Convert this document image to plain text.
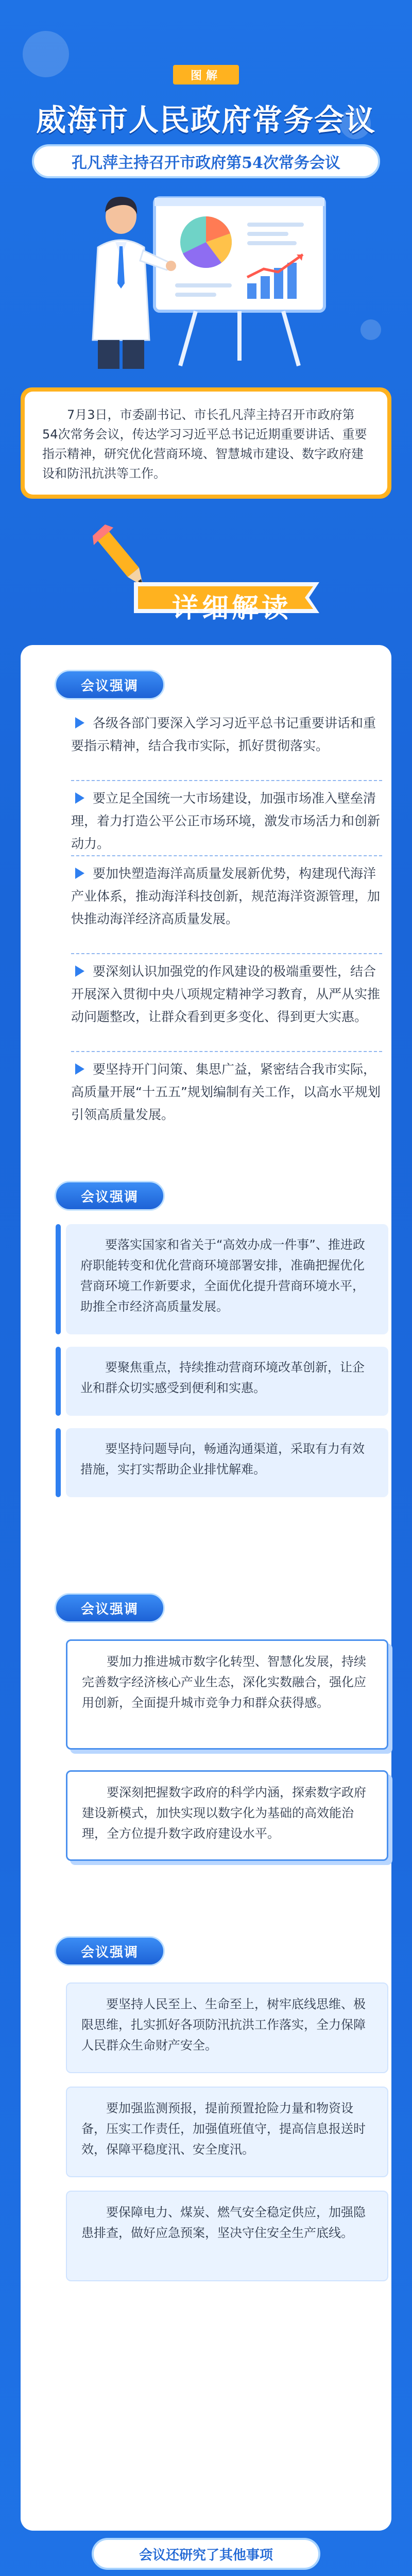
图解
威海市人民政府常务会议
孔凡萍主持召开市政府第54次常务会议
7月3日，市委副书记、市长孔凡萍主持召开市政府第54次常务会议，传达学习习近平总书记近期重要讲话、重要指示精神，研究优化营商环境、智慧城市建设、数字政府建设和防汛抗洪等工作。
详细解读
会议强调
各级各部门要深入学习习近平总书记重要讲话和重要指示精神，结合我市实际，抓好贯彻落实。
要立足全国统一大市场建设，加强市场准入壁垒清理，着力打造公平公正市场环境，激发市场活力和创新动力。
要加快塑造海洋高质量发展新优势，构建现代海洋产业体系，推动海洋科技创新，规范海洋资源管理，加快推动海洋经济高质量发展。
要深刻认识加强党的作风建设的极端重要性，结合开展深入贯彻中央八项规定精神学习教育，从严从实推动问题整改，让群众看到更多变化、得到更大实惠。
要坚持开门问策、集思广益，紧密结合我市实际，高质量开展“十五五”规划编制有关工作，以高水平规划引领高质量发展。
会议强调
要落实国家和省关于“高效办成一件事”、推进政府职能转变和优化营商环境部署安排，准确把握优化营商环境工作新要求，全面优化提升营商环境水平，助推全市经济高质量发展。
要聚焦重点，持续推动营商环境改革创新，让企业和群众切实感受到便利和实惠。
要坚持问题导向，畅通沟通渠道，采取有力有效措施，实打实帮助企业排忧解难。
会议强调
要加力推进城市数字化转型、智慧化发展，持续完善数字经济核心产业生态，深化实数融合，强化应用创新，全面提升城市竞争力和群众获得感。
要深刻把握数字政府的科学内涵，探索数字政府建设新模式，加快实现以数字化为基础的高效能治理，全方位提升数字政府建设水平。
会议强调
要坚持人民至上、生命至上，树牢底线思维、极限思维，扎实抓好各项防汛抗洪工作落实，全力保障人民群众生命财产安全。
要加强监测预报，提前预置抢险力量和物资设备，压实工作责任，加强值班值守，提高信息报送时效，保障平稳度汛、安全度汛。
要保障电力、煤炭、燃气安全稳定供应，加强隐患排查，做好应急预案，坚决守住安全生产底线。
会议还研究了其他事项
